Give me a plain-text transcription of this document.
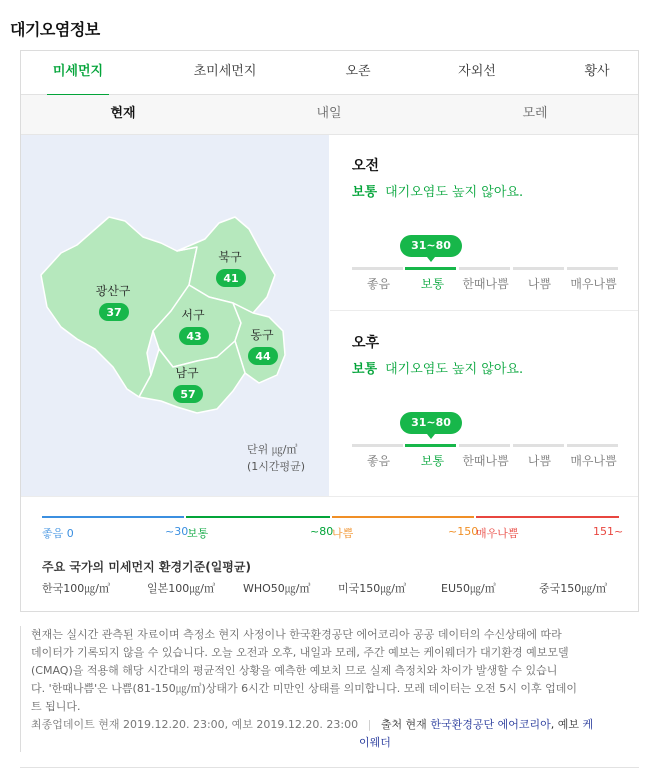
대기오염정보
미세먼지	초미세먼지	오존	자외선	황사
현재	내일	모레
광산구
37
북구
41
서구
43	동구
44
남구
57
단위 ㎍/㎥
(1시간평균)
오전
보통 대기오염도 높지 않아요.
31~80
좋음	보통	한때나쁨	나쁨	매우나쁨
오후
보통 대기오염도 높지 않아요.
31~80
좋음	보통	한때나쁨	나쁨	매우나쁨
좋음 0	~30
보통	~80
나쁨	~150
매우나쁨	151~
주요 국가의 미세먼지 환경기준(일평균)
한국100㎍/㎥	일본100㎍/㎥	WHO50㎍/㎥ 미국150㎍/㎥	EU50㎍/㎥	중국150㎍/㎥

현재는 실시간 관측된 자료이며 측정소 현지 사정이나 한국환경공단 에어코리아 공공 데이터의 수신상태에 따라

데이터가 기록되지 않을 수 있습니다. 오늘 오전과 오후, 내일과 모레, 주간 예보는 케이웨더가 대기환경 예보모델

(CMAQ)을 적용해 해당 시간대의 평균적인 상황을 예측한 예보치 므로 실제 측정치와 차이가 발생할 수 있습니

다. '한때나쁨'은 나쁨(81-150㎍/㎥)상태가 6시간 미만인 상태를 의미합니다. 모레 데이터는 오전 5시 이후 업데이

트 됩니다.

최종업데이트 현재 2019.12.20. 23:00, 예보 2019.12.20. 23:00 | 출처 현재 한국환경공단 에어코리아, 예보 케

이웨더
